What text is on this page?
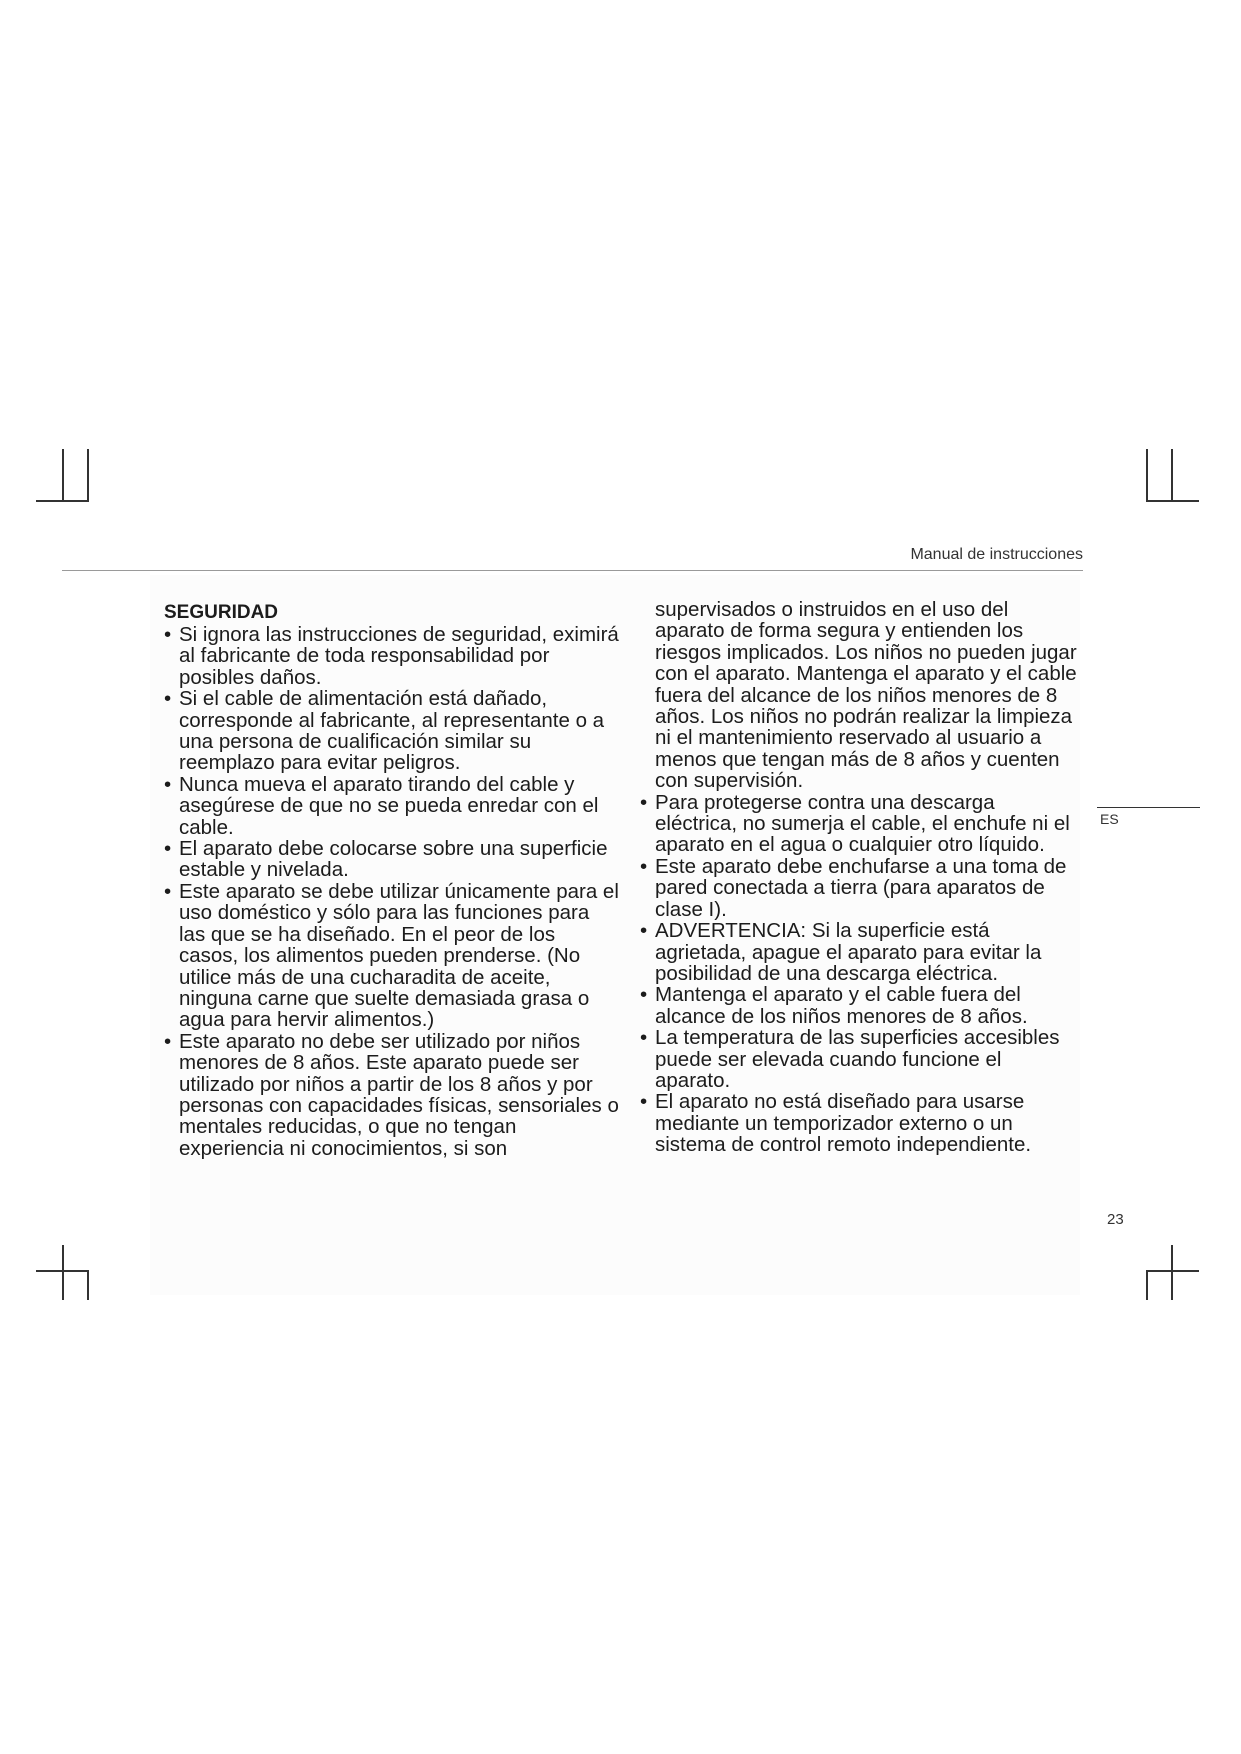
Manual de instrucciones
ES
SEGURIDAD
• Si ignora las instrucciones de seguridad, eximirá al fabricante de toda responsabilidad por posibles daños.
• Si el cable de alimentación está dañado, corresponde al fabricante, al representante o a una persona de cualificación similar su reemplazo para evitar peligros.
• Nunca mueva el aparato tirando del cable y asegúrese de que no se pueda enredar con el cable.
• El aparato debe colocarse sobre una superficie estable y nivelada.
• Este aparato se debe utilizar únicamente para el uso doméstico y sólo para las funciones para las que se ha diseñado. En el peor de los casos, los alimentos pueden prenderse. (No utilice más de una cucharadita de aceite, ninguna carne que suelte demasiada grasa o agua para hervir alimentos.)
• Este aparato no debe ser utilizado por niños menores de 8 años. Este aparato puede ser utilizado por niños a partir de los 8 años y por personas con capacidades físicas, sensoriales o mentales reducidas, o que no tengan experiencia ni conocimientos, si son
supervisados o instruidos en el uso del aparato de forma segura y entienden los riesgos implicados. Los niños no pueden jugar con el aparato. Mantenga el aparato y el cable fuera del alcance de los niños menores de 8 años. Los niños no podrán realizar la limpieza ni el mantenimiento reservado al usuario a menos que tengan más de 8 años y cuenten con supervisión.
• Para protegerse contra una descarga eléctrica, no sumerja el cable, el enchufe ni el aparato en el agua o cualquier otro líquido.
• Este aparato debe enchufarse a una toma de pared conectada a tierra (para aparatos de clase I).
• ADVERTENCIA: Si la superficie está agrietada, apague el aparato para evitar la posibilidad de una descarga eléctrica.
• Mantenga el aparato y el cable fuera del alcance de los niños menores de 8 años.
• La temperatura de las superficies accesibles puede ser elevada cuando funcione el aparato.
• El aparato no está diseñado para usarse mediante un temporizador externo o un sistema de control remoto independiente.
23
